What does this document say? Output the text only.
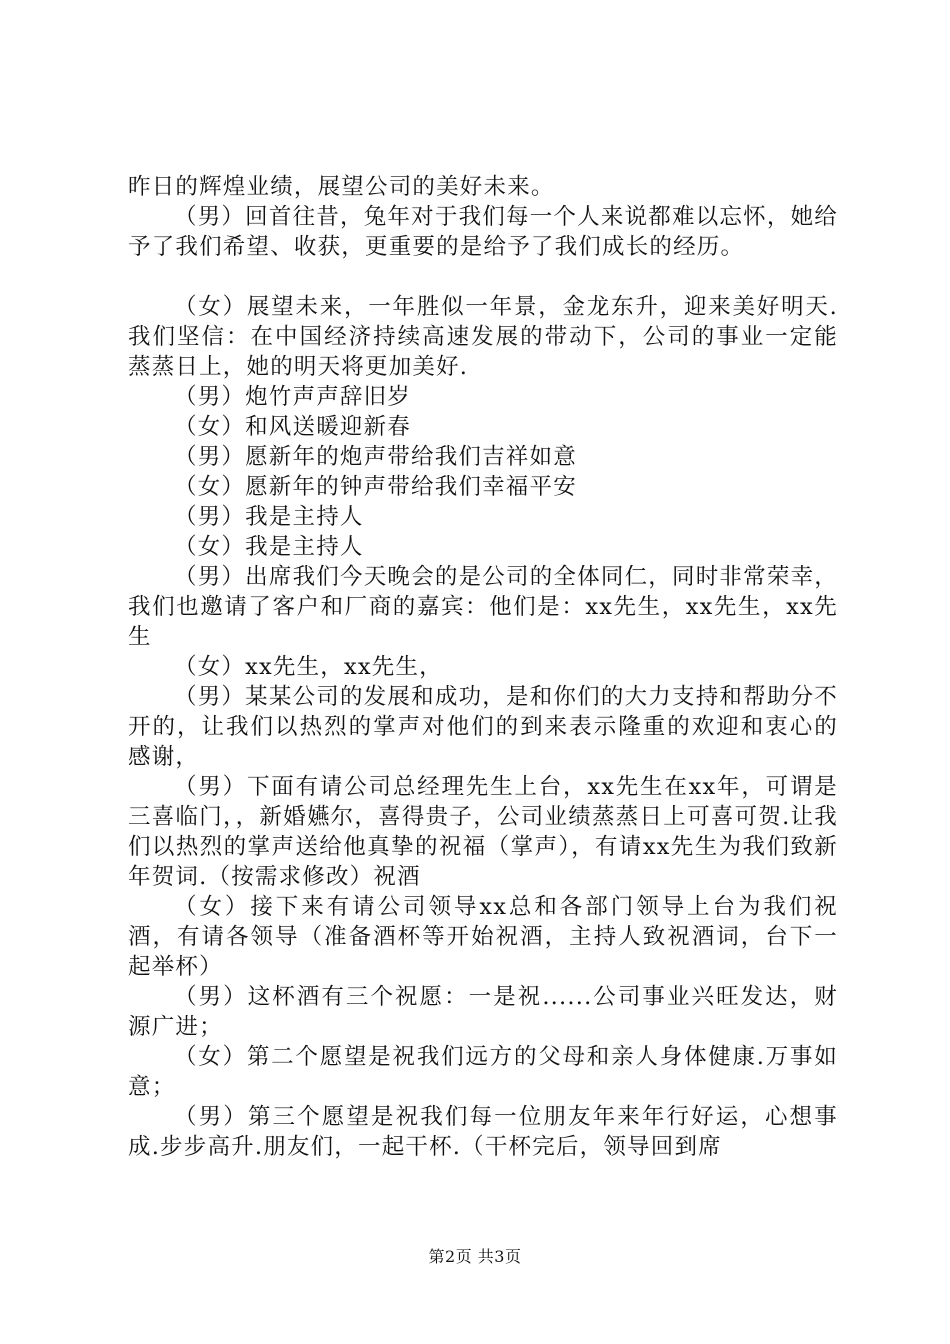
昨日的辉煌业绩，展望公司的美好未来。

（男）回首往昔，兔年对于我们每一个人来说都难以忘怀，她给予了我们希望、收获，更重要的是给予了我们成长的经历。

（女）展望未来，一年胜似一年景，金龙东升，迎来美好明天.我们坚信：在中国经济持续高速发展的带动下，公司的事业一定能蒸蒸日上，她的明天将更加美好.

（男）炮竹声声辞旧岁

（女）和风送暖迎新春

（男）愿新年的炮声带给我们吉祥如意

（女）愿新年的钟声带给我们幸福平安

（男）我是主持人

（女）我是主持人

（男）出席我们今天晚会的是公司的全体同仁，同时非常荣幸，我们也邀请了客户和厂商的嘉宾：他们是：xx先生，xx先生，xx先生

（女）xx先生，xx先生，

（男）某某公司的发展和成功，是和你们的大力支持和帮助分不开的，让我们以热烈的掌声对他们的到来表示隆重的欢迎和衷心的感谢，

（男）下面有请公司总经理先生上台，xx先生在xx年，可谓是三喜临门，，新婚嬿尔，喜得贵子，公司业绩蒸蒸日上可喜可贺.让我们以热烈的掌声送给他真挚的祝福（掌声），有请xx先生为我们致新年贺词.（按需求修改）祝酒

（女）接下来有请公司领导xx总和各部门领导上台为我们祝酒，有请各领导（准备酒杯等开始祝酒，主持人致祝酒词，台下一起举杯）

（男）这杯酒有三个祝愿：一是祝......公司事业兴旺发达，财源广进；

（女）第二个愿望是祝我们远方的父母和亲人身体健康.万事如意；

（男）第三个愿望是祝我们每一位朋友年来年行好运，心想事成.步步高升.朋友们，一起干杯.（干杯完后，领导回到席

第2页 共3页
